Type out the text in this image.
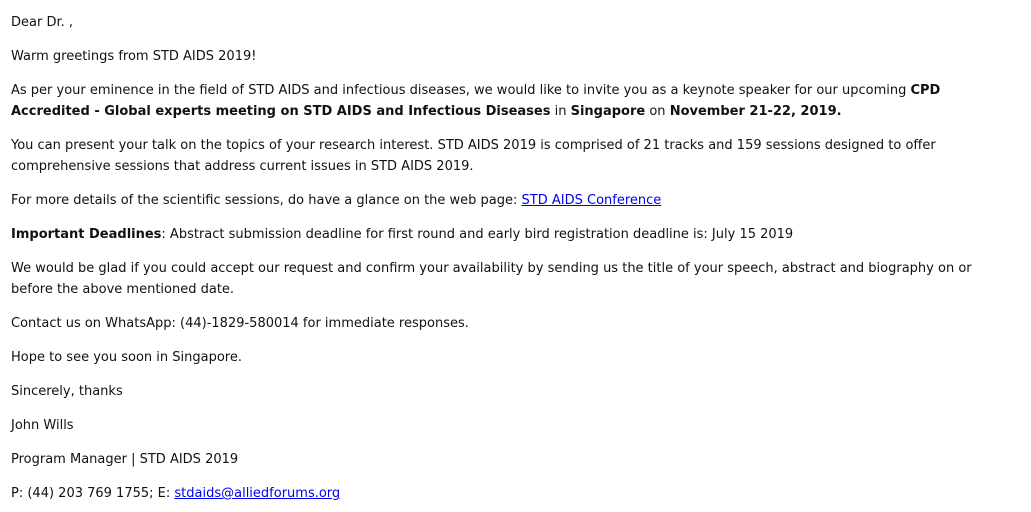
Dear Dr. ,

Warm greetings from STD AIDS 2019!

As per your eminence in the field of STD AIDS and infectious diseases, we would like to invite you as a keynote speaker for our upcoming CPD Accredited - Global experts meeting on STD AIDS and Infectious Diseases in Singapore on November 21-22, 2019.

You can present your talk on the topics of your research interest. STD AIDS 2019 is comprised of 21 tracks and 159 sessions designed to offer comprehensive sessions that address current issues in STD AIDS 2019.

For more details of the scientific sessions, do have a glance on the web page: STD AIDS Conference

Important Deadlines: Abstract submission deadline for first round and early bird registration deadline is: July 15 2019

We would be glad if you could accept our request and confirm your availability by sending us the title of your speech, abstract and biography on or before the above mentioned date.

Contact us on WhatsApp: (44)-1829-580014 for immediate responses.

Hope to see you soon in Singapore.

Sincerely, thanks

John Wills

Program Manager | STD AIDS 2019

P: (44) 203 769 1755; E: stdaids@alliedforums.org
